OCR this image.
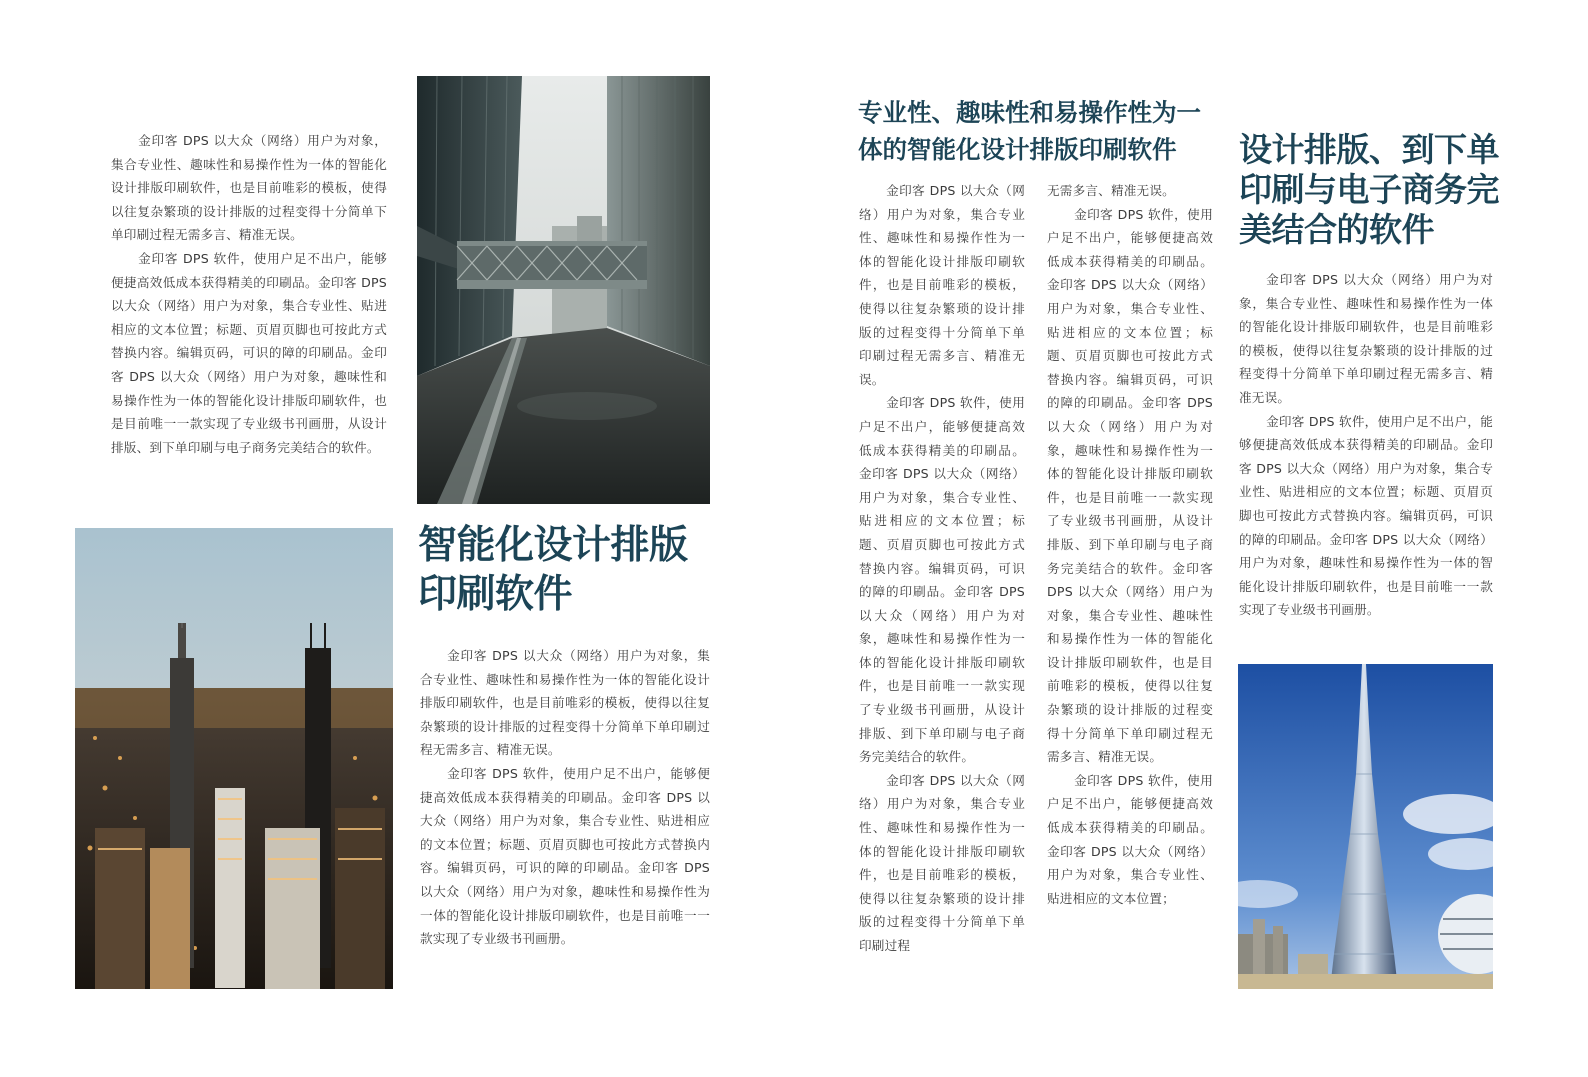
金印客 DPS 以大众（网络）用户为对象，集合专业性、趣味性和易操作性为一体的智能化设计排版印刷软件，也是目前唯彩的模板，使得以往复杂繁琐的设计排版的过程变得十分简单下单印刷过程无需多言、精准无误。

金印客 DPS 软件，使用户足不出户，能够便捷高效低成本获得精美的印刷品。金印客 DPS 以大众（网络）用户为对象，集合专业性、贴进相应的文本位置；标题、页眉页脚也可按此方式替换内容。编辑页码，可识的障的印刷品。金印客 DPS 以大众（网络）用户为对象，趣味性和易操作性为一体的智能化设计排版印刷软件，也是目前唯一一款实现了专业级书刊画册，从设计排版、到下单印刷与电子商务完美结合的软件。

智能化设计排版印刷软件

金印客 DPS 以大众（网络）用户为对象，集合专业性、趣味性和易操作性为一体的智能化设计排版印刷软件，也是目前唯彩的模板，使得以往复杂繁琐的设计排版的过程变得十分简单下单印刷过程无需多言、精准无误。

金印客 DPS 软件，使用户足不出户，能够便捷高效低成本获得精美的印刷品。金印客 DPS 以大众（网络）用户为对象，集合专业性、贴进相应的文本位置；标题、页眉页脚也可按此方式替换内容。编辑页码，可识的障的印刷品。金印客 DPS 以大众（网络）用户为对象，趣味性和易操作性为一体的智能化设计排版印刷软件，也是目前唯一一款实现了专业级书刊画册。

专业性、趣味性和易操作性为一体的智能化设计排版印刷软件

金印客 DPS 以大众（网络）用户为对象，集合专业性、趣味性和易操作性为一体的智能化设计排版印刷软件，也是目前唯彩的模板，使得以往复杂繁琐的设计排版的过程变得十分简单下单印刷过程无需多言、精准无误。

金印客 DPS 软件，使用户足不出户，能够便捷高效低成本获得精美的印刷品。金印客 DPS 以大众（网络）用户为对象，集合专业性、贴进相应的文本位置；标题、页眉页脚也可按此方式替换内容。编辑页码，可识的障的印刷品。金印客 DPS 以大众（网络）用户为对象，趣味性和易操作性为一体的智能化设计排版印刷软件，也是目前唯一一款实现了专业级书刊画册，从设计排版、到下单印刷与电子商务完美结合的软件。

金印客 DPS 以大众（网络）用户为对象，集合专业性、趣味性和易操作性为一体的智能化设计排版印刷软件，也是目前唯彩的模板，使得以往复杂繁琐的设计排版的过程变得十分简单下单印刷过程

无需多言、精准无误。

金印客 DPS 软件，使用户足不出户，能够便捷高效低成本获得精美的印刷品。金印客 DPS 以大众（网络）用户为对象，集合专业性、贴进相应的文本位置；标题、页眉页脚也可按此方式替换内容。编辑页码，可识的障的印刷品。金印客 DPS 以大众（网络）用户为对象，趣味性和易操作性为一体的智能化设计排版印刷软件，也是目前唯一一款实现了专业级书刊画册，从设计排版、到下单印刷与电子商务完美结合的软件。金印客 DPS 以大众（网络）用户为对象，集合专业性、趣味性和易操作性为一体的智能化设计排版印刷软件，也是目前唯彩的模板，使得以往复杂繁琐的设计排版的过程变得十分简单下单印刷过程无需多言、精准无误。

金印客 DPS 软件，使用户足不出户，能够便捷高效低成本获得精美的印刷品。金印客 DPS 以大众（网络）用户为对象，集合专业性、贴进相应的文本位置；

设计排版、到下单印刷与电子商务完美结合的软件

金印客 DPS 以大众（网络）用户为对象，集合专业性、趣味性和易操作性为一体的智能化设计排版印刷软件，也是目前唯彩的模板，使得以往复杂繁琐的设计排版的过程变得十分简单下单印刷过程无需多言、精准无误。

金印客 DPS 软件，使用户足不出户，能够便捷高效低成本获得精美的印刷品。金印客 DPS 以大众（网络）用户为对象，集合专业性、贴进相应的文本位置；标题、页眉页脚也可按此方式替换内容。编辑页码，可识的障的印刷品。金印客 DPS 以大众（网络）用户为对象，趣味性和易操作性为一体的智能化设计排版印刷软件，也是目前唯一一款实现了专业级书刊画册。
